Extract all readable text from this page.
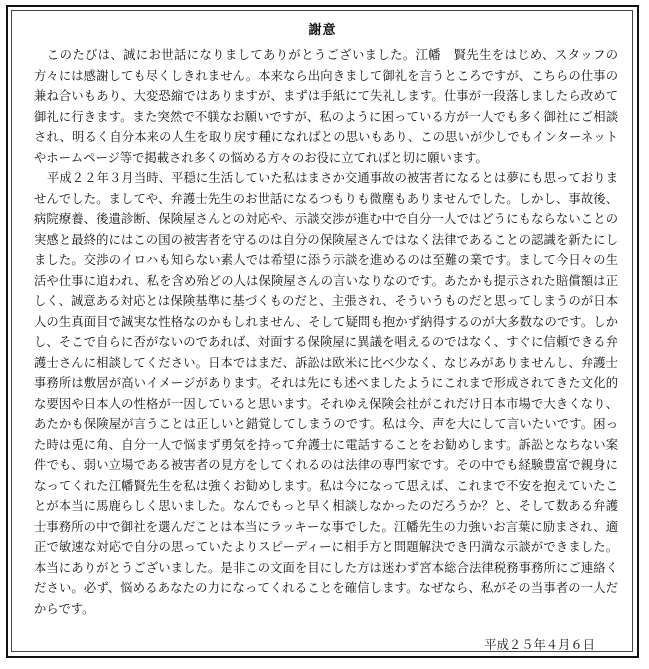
謝意

このたびは、誠にお世話になりましてありがとうございました。江幡　賢先生をはじめ、スタッフの方々には感謝しても尽くしきれません。本来なら出向きまして御礼を言うところですが、こちらの仕事の兼ね合いもあり、大変恐縮ではありますが、まずは手紙にて失礼します。仕事が一段落しましたら改めて御礼に行きます。また突然で不躾なお願いですが、私のように困っている方が一人でも多く御社にご相談され、明るく自分本来の人生を取り戻す種になればとの思いもあり、この思いが少しでもインターネットやホームページ等で掲載され多くの悩める方々のお役に立てればと切に願います。

平成２２年３月当時、平穏に生活していた私はまさか交通事故の被害者になるとは夢にも思っておりませんでした。ましてや、弁護士先生のお世話になるつもりも微塵もありませんでした。しかし、事故後、病院療養、後遺診断、保険屋さんとの対応や、示談交渉が進む中で自分一人ではどうにもならないことの実感と最終的にはこの国の被害者を守るのは自分の保険屋さんではなく法律であることの認識を新たにしました。交渉のイロハも知らない素人では希望に添う示談を進めるのは至難の業です。まして今日々の生活や仕事に追われ、私を含め殆どの人は保険屋さんの言いなりなのです。あたかも提示された賠償額は正しく、誠意ある対応とは保険基準に基づくものだと、主張され、そういうものだと思ってしまうのが日本人の生真面目で誠実な性格なのかもしれません、そして疑問も抱かず納得するのが大多数なのです。しかし、そこで自らに否がないのであれば、対面する保険屋に異議を唱えるのではなく、すぐに信頼できる弁護士さんに相談してください。日本ではまだ、訴訟は欧米に比べ少なく、なじみがありませんし、弁護士事務所は敷居が高いイメージがあります。それは先にも述べましたようにこれまで形成されてきた文化的な要因や日本人の性格が一因していると思います。それゆえ保険会社がこれだけ日本市場で大きくなり、あたかも保険屋が言うことは正しいと錯覚してしまうのです。私は今、声を大にして言いたいです。困った時は兎に角、自分一人で悩まず勇気を持って弁護士に電話することをお勧めします。訴訟となちない案件でも、弱い立場である被害者の見方をしてくれるのは法律の専門家です。その中でも経験豊富で親身になってくれた江幡賢先生を私は強くお勧めします。私は今になって思えば、これまで不安を抱えていたことが本当に馬鹿らしく思いました。なんでもっと早く相談しなかったのだろうか？と、そして数ある弁護士事務所の中で御社を選んだことは本当にラッキーな事でした。江幡先生の力強いお言葉に励まされ、適正で敏速な対応で自分の思っていたよりスピーディーに相手方と問題解決でき円満な示談ができました。本当にありがとうございました。是非この文面を目にした方は迷わず宮本総合法律税務事務所にご連絡ください。必ず、悩めるあなたの力になってくれることを確信します。なぜなら、私がその当事者の一人だからです。

平成２５年４月６日
